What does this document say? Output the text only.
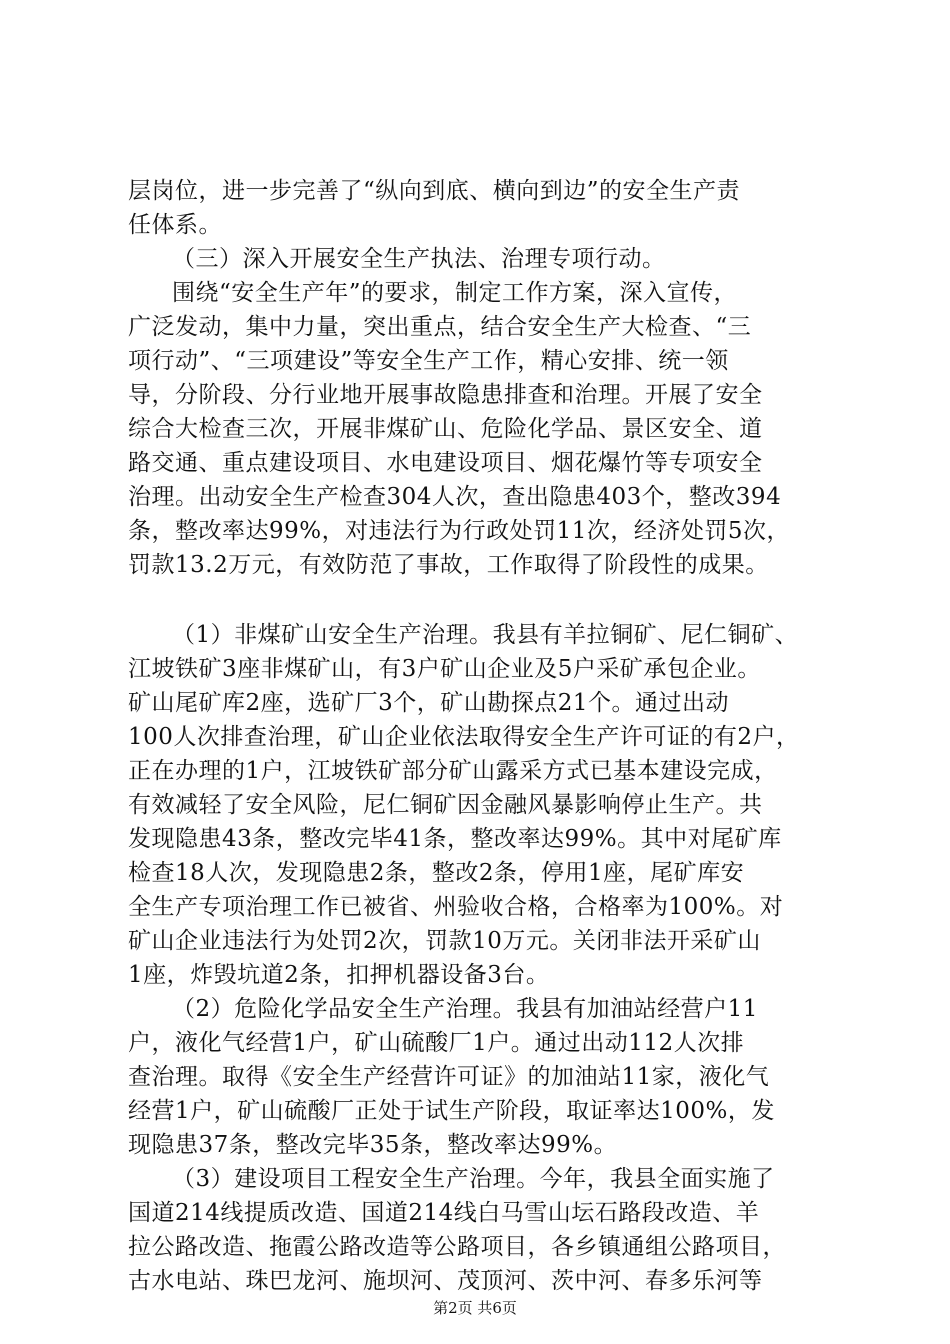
层岗位，进一步完善了“纵向到底、横向到边”的安全生产责
任体系。
（三）深入开展安全生产执法、治理专项行动。
围绕“安全生产年”的要求，制定工作方案，深入宣传，
广泛发动，集中力量，突出重点，结合安全生产大检查、“三
项行动”、“三项建设”等安全生产工作，精心安排、统一领
导，分阶段、分行业地开展事故隐患排查和治理。开展了安全
综合大检查三次，开展非煤矿山、危险化学品、景区安全、道
路交通、重点建设项目、水电建设项目、烟花爆竹等专项安全
治理。出动安全生产检查304人次，查出隐患403个，整改394
条，整改率达99%，对违法行为行政处罚11次，经济处罚5次，
罚款13.2万元，有效防范了事故，工作取得了阶段性的成果。
（1）非煤矿山安全生产治理。我县有羊拉铜矿、尼仁铜矿、
江坡铁矿3座非煤矿山，有3户矿山企业及5户采矿承包企业。
矿山尾矿库2座，选矿厂3个，矿山勘探点21个。通过出动
100人次排查治理，矿山企业依法取得安全生产许可证的有2户，
正在办理的1户，江坡铁矿部分矿山露采方式已基本建设完成，
有效减轻了安全风险，尼仁铜矿因金融风暴影响停止生产。共
发现隐患43条，整改完毕41条，整改率达99%。其中对尾矿库
检查18人次，发现隐患2条，整改2条，停用1座，尾矿库安
全生产专项治理工作已被省、州验收合格，合格率为100%。对
矿山企业违法行为处罚2次，罚款10万元。关闭非法开采矿山
1座，炸毁坑道2条，扣押机器设备3台。
（2）危险化学品安全生产治理。我县有加油站经营户11
户，液化气经营1户，矿山硫酸厂1户。通过出动112人次排
查治理。取得《安全生产经营许可证》的加油站11家，液化气
经营1户，矿山硫酸厂正处于试生产阶段，取证率达100%，发
现隐患37条，整改完毕35条，整改率达99%。
（3）建设项目工程安全生产治理。今年，我县全面实施了
国道214线提质改造、国道214线白马雪山坛石路段改造、羊
拉公路改造、拖霞公路改造等公路项目，各乡镇通组公路项目，
古水电站、珠巴龙河、施坝河、茂顶河、茨中河、春多乐河等
第2页 共6页
